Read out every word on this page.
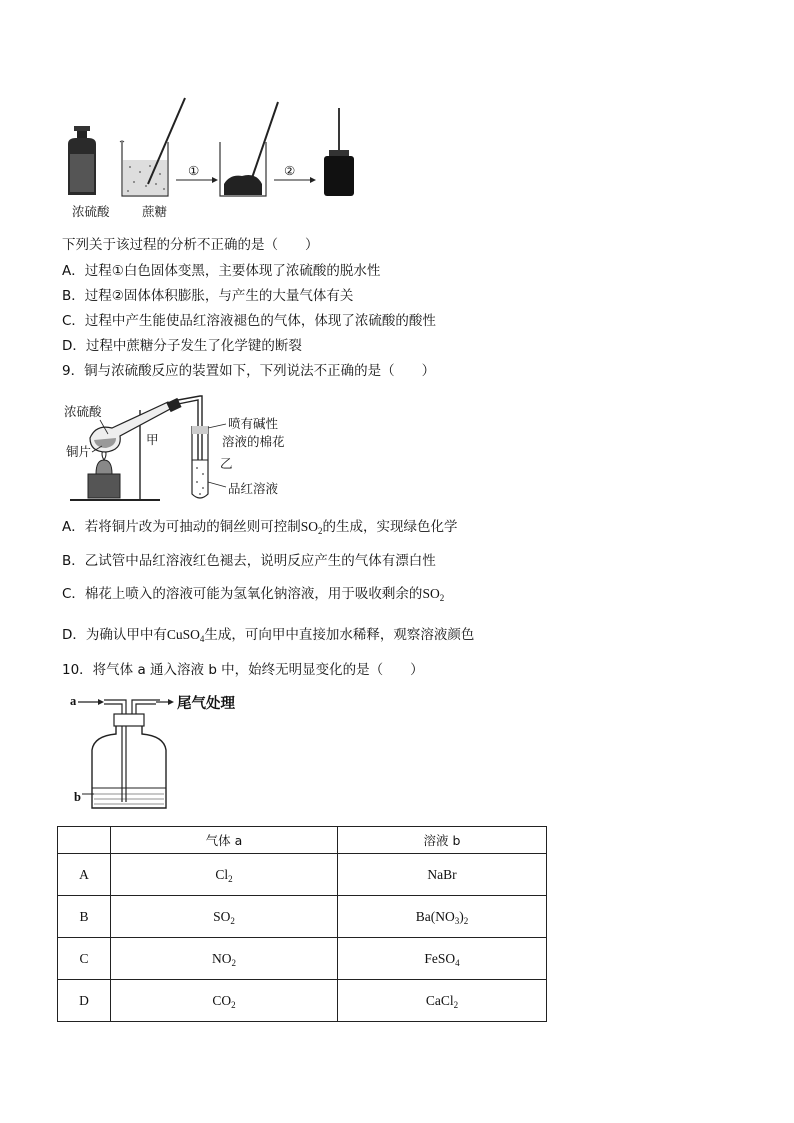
浓硫酸	蔗糖
①	②
下列关于该过程的分析不正确的是（　　）
A．过程①白色固体变黑，主要体现了浓硫酸的脱水性
B．过程②固体体积膨胀，与产生的大量气体有关
C．过程中产生能使品红溶液褪色的气体，体现了浓硫酸的酸性
D．过程中蔗糖分子发生了化学键的断裂
9．铜与浓硫酸反应的装置如下，下列说法不正确的是（　　）
浓硫酸
铜片
甲
喷有碱性
溶液的棉花
乙
品红溶液
A．若将铜片改为可抽动的铜丝则可控制$SO_2$的生成，实现绿色化学
B．乙试管中品红溶液红色褪去，说明反应产生的气体有漂白性
C．棉花上喷入的溶液可能为氢氧化钠溶液，用于吸收剩余的$SO_2$
D．为确认甲中有CuSO$_4$生成，可向甲中直接加水稀释，观察溶液颜色
10．将气体 a 通入溶液 b 中，始终无明显变化的是（　　）
a
b
尾气处理
	气体 a	溶液 b
A	$Cl_2$	NaBr
B	$SO_2$	$Ba(NO_3)_2$
C	$NO_2$	FeSO$_4$
D	$CO_2$	CaCl$_2$
